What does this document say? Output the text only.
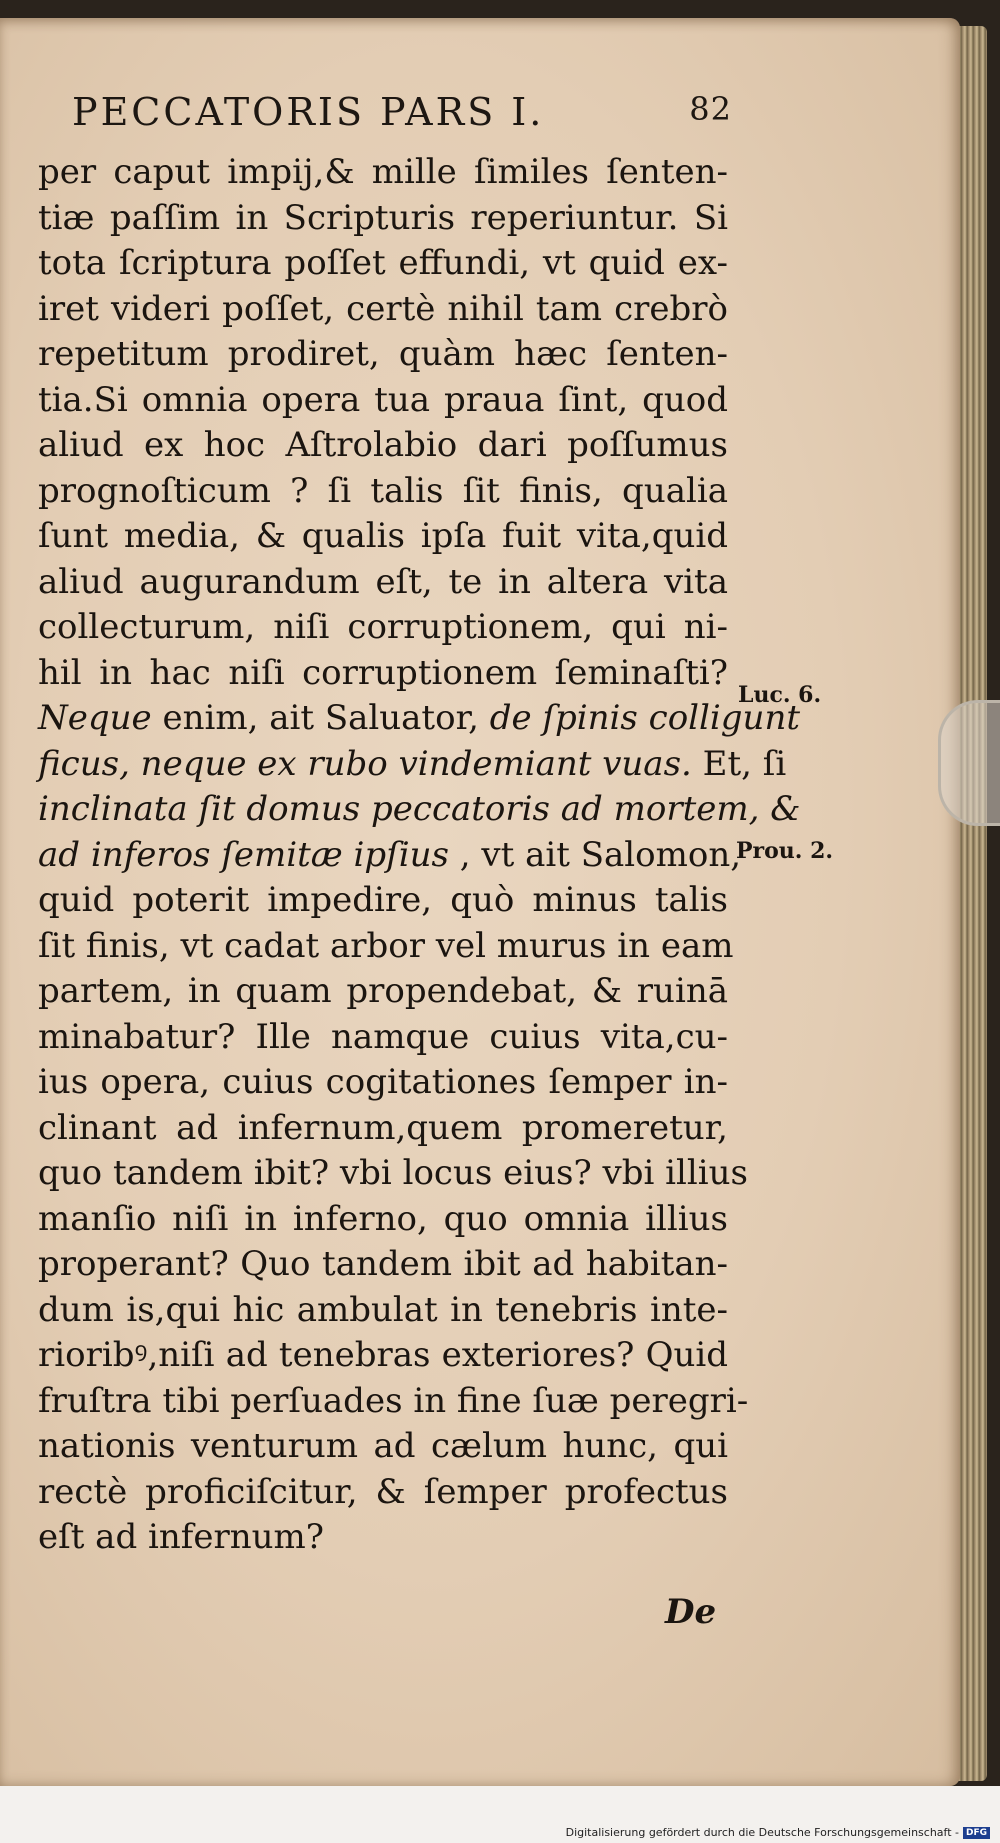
PECCATORIS PARS I.	82
per caput impij,& mille ſimiles ſenten-
tiæ paſſim in Scripturis reperiuntur. Si
tota ſcriptura poſſet effundi, vt quid ex-
iret videri poſſet, certè nihil tam crebrò
repetitum prodiret, quàm hæc ſenten-
tia.Si omnia opera tua praua ſint, quod
aliud ex hoc Aſtrolabio dari poſſumus
prognoſticum ? ſi talis ſit finis, qualia
ſunt media, & qualis ipſa fuit vita,quid
aliud augurandum eſt, te in altera vita
collecturum, niſi corruptionem, qui ni-
hil in hac niſi corruptionem ſeminaſti?
Neque enim, ait Saluator, de ſpinis colligunt
ficus, neque ex rubo vindemiant vuas. Et, ſi
inclinata ſit domus peccatoris ad mortem, &
ad inferos ſemitæ ipſius , vt ait Salomon,
quid poterit impedire, quò minus talis
ſit finis, vt cadat arbor vel murus in eam
partem, in quam propendebat, & ruinā
minabatur? Ille namque cuius vita,cu-
ius opera, cuius cogitationes ſemper in-
clinant ad infernum,quem promeretur,
quo tandem ibit? vbi locus eius? vbi illius
manſio niſi in inferno, quo omnia illius
properant? Quo tandem ibit ad habitan-
dum is,qui hic ambulat in tenebris inte-
rioribꝰ,niſi ad tenebras exteriores? Quid
fruſtra tibi perſuades in fine ſuæ peregri-
nationis venturum ad cælum hunc, qui
rectè proficiſcitur, & ſemper profectus
eſt ad infernum?
Luc. 6.
Prou. 2.
De
Digitalisierung gefördert durch die Deutsche Forschungsgemeinschaft - DFG
